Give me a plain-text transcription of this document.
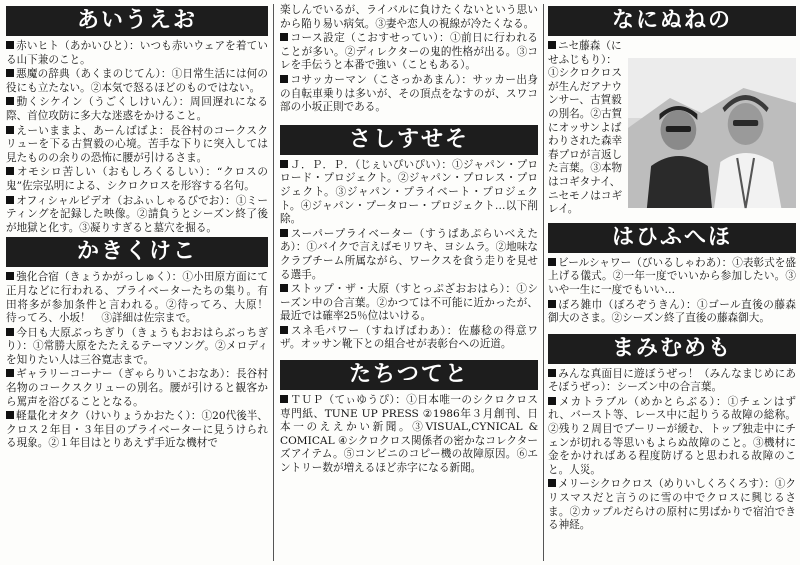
あいうえお

赤いヒト（あかいひと）：いつも赤いウェアを着ている山下兼のこと。

悪魔の辞典（あくまのじてん）：①日常生活には何の役にも立たない。②本気で怒るほどのものではない。

動くシケイン（うごくしけいん）：周回遅れになる際、首位攻防に多大な迷惑をかけること。

えーいままよ、あーんばばよ：長谷村のコークスクリューを下る古賀毅の心境。苦手な下りに突入しては見たものの余りの恐怖に腰が引けるさま。

オモシロ苦しい（おもしろくるしい）：“クロスの鬼”佐宗弘明による、シクロクロスを形容する名句。

オフィシャルビデオ（おふぃしゃるびでお）：①ミーティングを記録した映像。②請負うとシーズン終了後が地獄と化す。③凝りすぎると墓穴を掘る。

かきくけこ

強化合宿（きょうかがっしゅく）：①小田原方面にて正月などに行われる、プライベーターたちの集り。有田将多が参加条件と言われる。②待ってろ、大原！　待ってろ、小坂！　③詳細は佐宗まで。

今日も大原ぶっちぎり（きょうもおおはらぶっちぎり）：①常勝大原をたたえるテーマソング。②メロディを知りたい人は三谷寛志まで。

ギャラリーコーナー（ぎゃらりいこおなあ）：長谷村名物のコークスクリューの別名。腰が引けると観客から罵声を浴びることとなる。

軽量化オタク（けいりょうかおたく）：①20代後半、クロス２年目・３年目のプライベーターに見うけられる現象。②１年目はとりあえず手近な機材で

楽しんでいるが、ライバルに負けたくないという思いから陥り易い病気。③妻や恋人の視線が冷たくなる。

コース設定（こおすせってい）：①前日に行われることが多い。②ディレクターの鬼的性格が出る。③コレを手伝うと本番で強い（こともある）。

コサッカーマン（こさっかあまん）：サッカー出身の自転車乗りは多いが、その頂点をなすのが、スワコ部の小坂正則である。

さしすせそ

Ｊ．Ｐ．Ｐ．（じぇいぴいぴい）：①ジャパン・プロロード・プロジェクト。②ジャパン・プロレス・プロジェクト。③ジャパン・プライベート・プロジェクト。④ジャパン・プータロー・プロジェクト…以下削除。

スーパープライベーター（すうぱあぷらいべえたあ）：①バイクで言えばモリワキ、ヨシムラ。②地味なクラブチーム所属ながら、ワークスを食う走りを見せる選手。

ストップ・ザ・大原（すとっぷざおおはら）：①シーズン中の合言葉。②かつては不可能に近かったが、最近では確率25％位はいける。

スネ毛パワー（すねげぱわあ）：佐藤稔の得意ワザ。オッサン靴下との組合せが表彰台への近道。

たちつてと

ＴＵＰ（てぃゆうぴ）：①日本唯一のシクロクロス専門紙、TUNE UP PRESS ②1986年３月創刊、日本一のええかい新聞。③VISUAL,CYNICAL & COMICAL ④シクロクロス関係者の密かなコレクターズアイテム。⑤コンビニのコピー機の故障原因。⑥エントリー数が増えるほど赤字になる新聞。

なにぬねの

ニセ藤森（にせふじもり）：①シクロクロスが生んだアナウンサー、古賀毅の別名。②古賀にオッサンよばわりされた森幸春プロが言返した言葉。③本物はコギタナイ、ニセモノはコギレイ。

はひふへほ

ビールシャワー（びいるしゃわあ）：①表彰式を盛上げる儀式。②一年一度でいいから参加したい。③いや一生に一度でもいい…

ぼろ雑巾（ぼろぞうきん）：①ゴール直後の藤森御大のさま。②シーズン終了直後の藤森御大。

まみむめも

みんな真面目に遊ぼうぜっ！（みんなまじめにあそぼうぜっ）：シーズン中の合言葉。

メカトラブル（めかとらぶる）：①チェンはずれ、バースト等、レース中に起りうる故障の総称。②残り２周目でブーリーが緩む、トップ独走中にチェンが切れる等思いもよらぬ故障のこと。③機材に金をかければある程度防げると思われる故障のこと。人災。

メリーシクロクロス（めりいしくろくろす）：①クリスマスだと言うのに雪の中でクロスに興じるさま。②カップルだらけの原村に男ばかりで宿泊できる神経。
